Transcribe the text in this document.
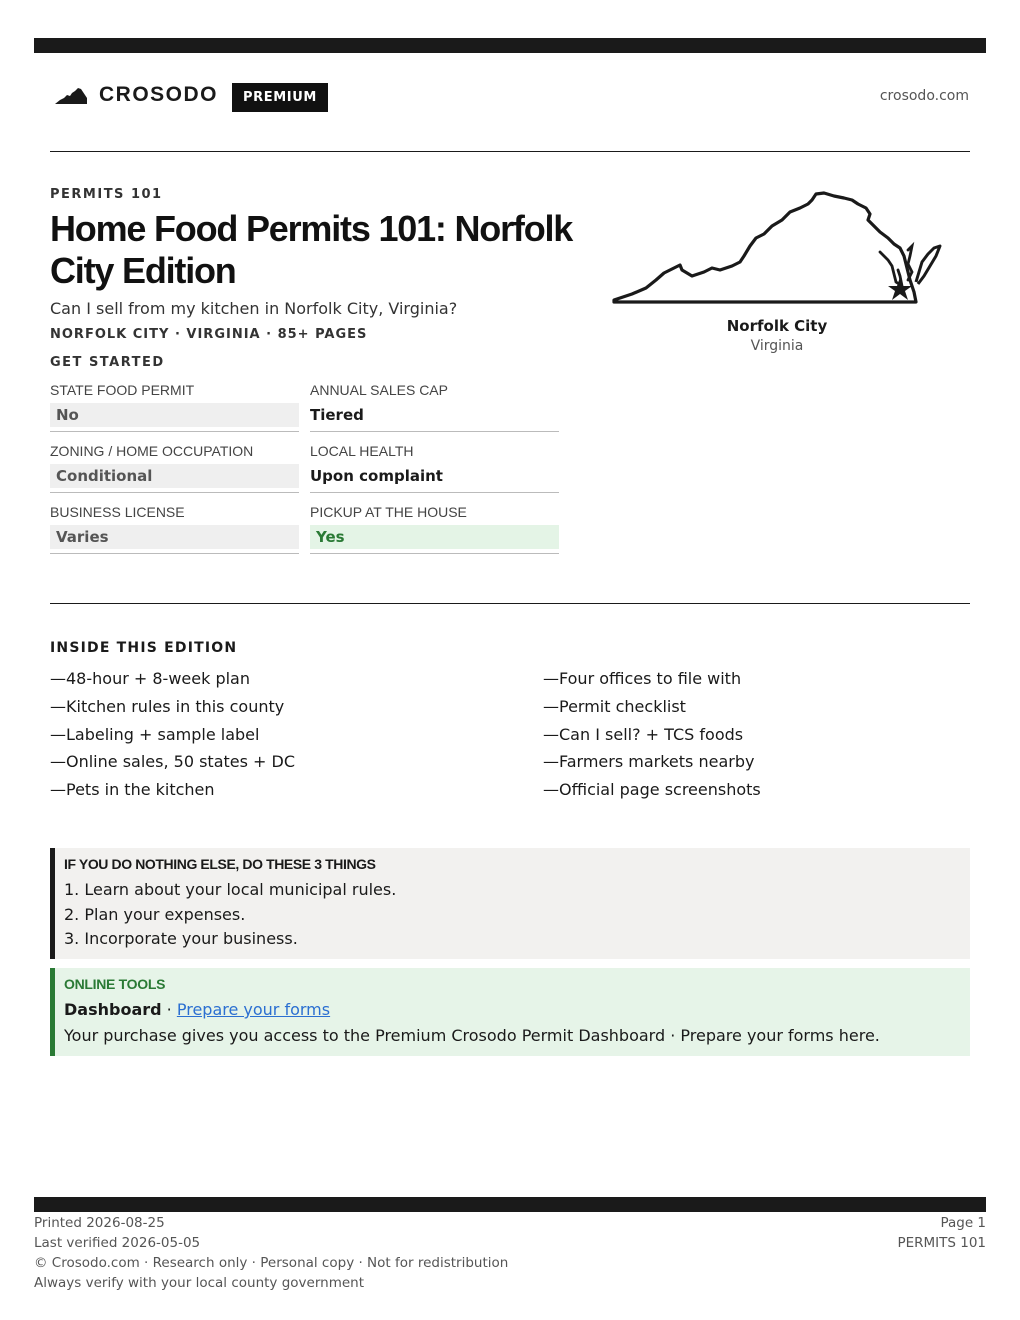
CROSODO	PREMIUM	crosodo.com
PERMITS 101
Home Food Permits 101: Norfolk City Edition
Can I sell from my kitchen in Norfolk City, Virginia?
NORFOLK CITY · VIRGINIA · 85+ PAGES
GET STARTED
STATE FOOD PERMIT
No
ANNUAL SALES CAP
Tiered
ZONING / HOME OCCUPATION
Conditional
LOCAL HEALTH
Upon complaint
BUSINESS LICENSE
Varies
PICKUP AT THE HOUSE
Yes
Norfolk City
Virginia
INSIDE THIS EDITION
—48-hour + 8-week plan
—Kitchen rules in this county
—Labeling + sample label
—Online sales, 50 states + DC
—Pets in the kitchen
—Four offices to file with
—Permit checklist
—Can I sell? + TCS foods
—Farmers markets nearby
—Official page screenshots
IF YOU DO NOTHING ELSE, DO THESE 3 THINGS
1. Learn about your local municipal rules.
2. Plan your expenses.
3. Incorporate your business.
ONLINE TOOLS
Dashboard · Prepare your forms
Your purchase gives you access to the Premium Crosodo Permit Dashboard · Prepare your forms here.
Printed 2026-08-25
Last verified 2026-05-05
© Crosodo.com · Research only · Personal copy · Not for redistribution
Always verify with your local county government
Page 1
PERMITS 101
